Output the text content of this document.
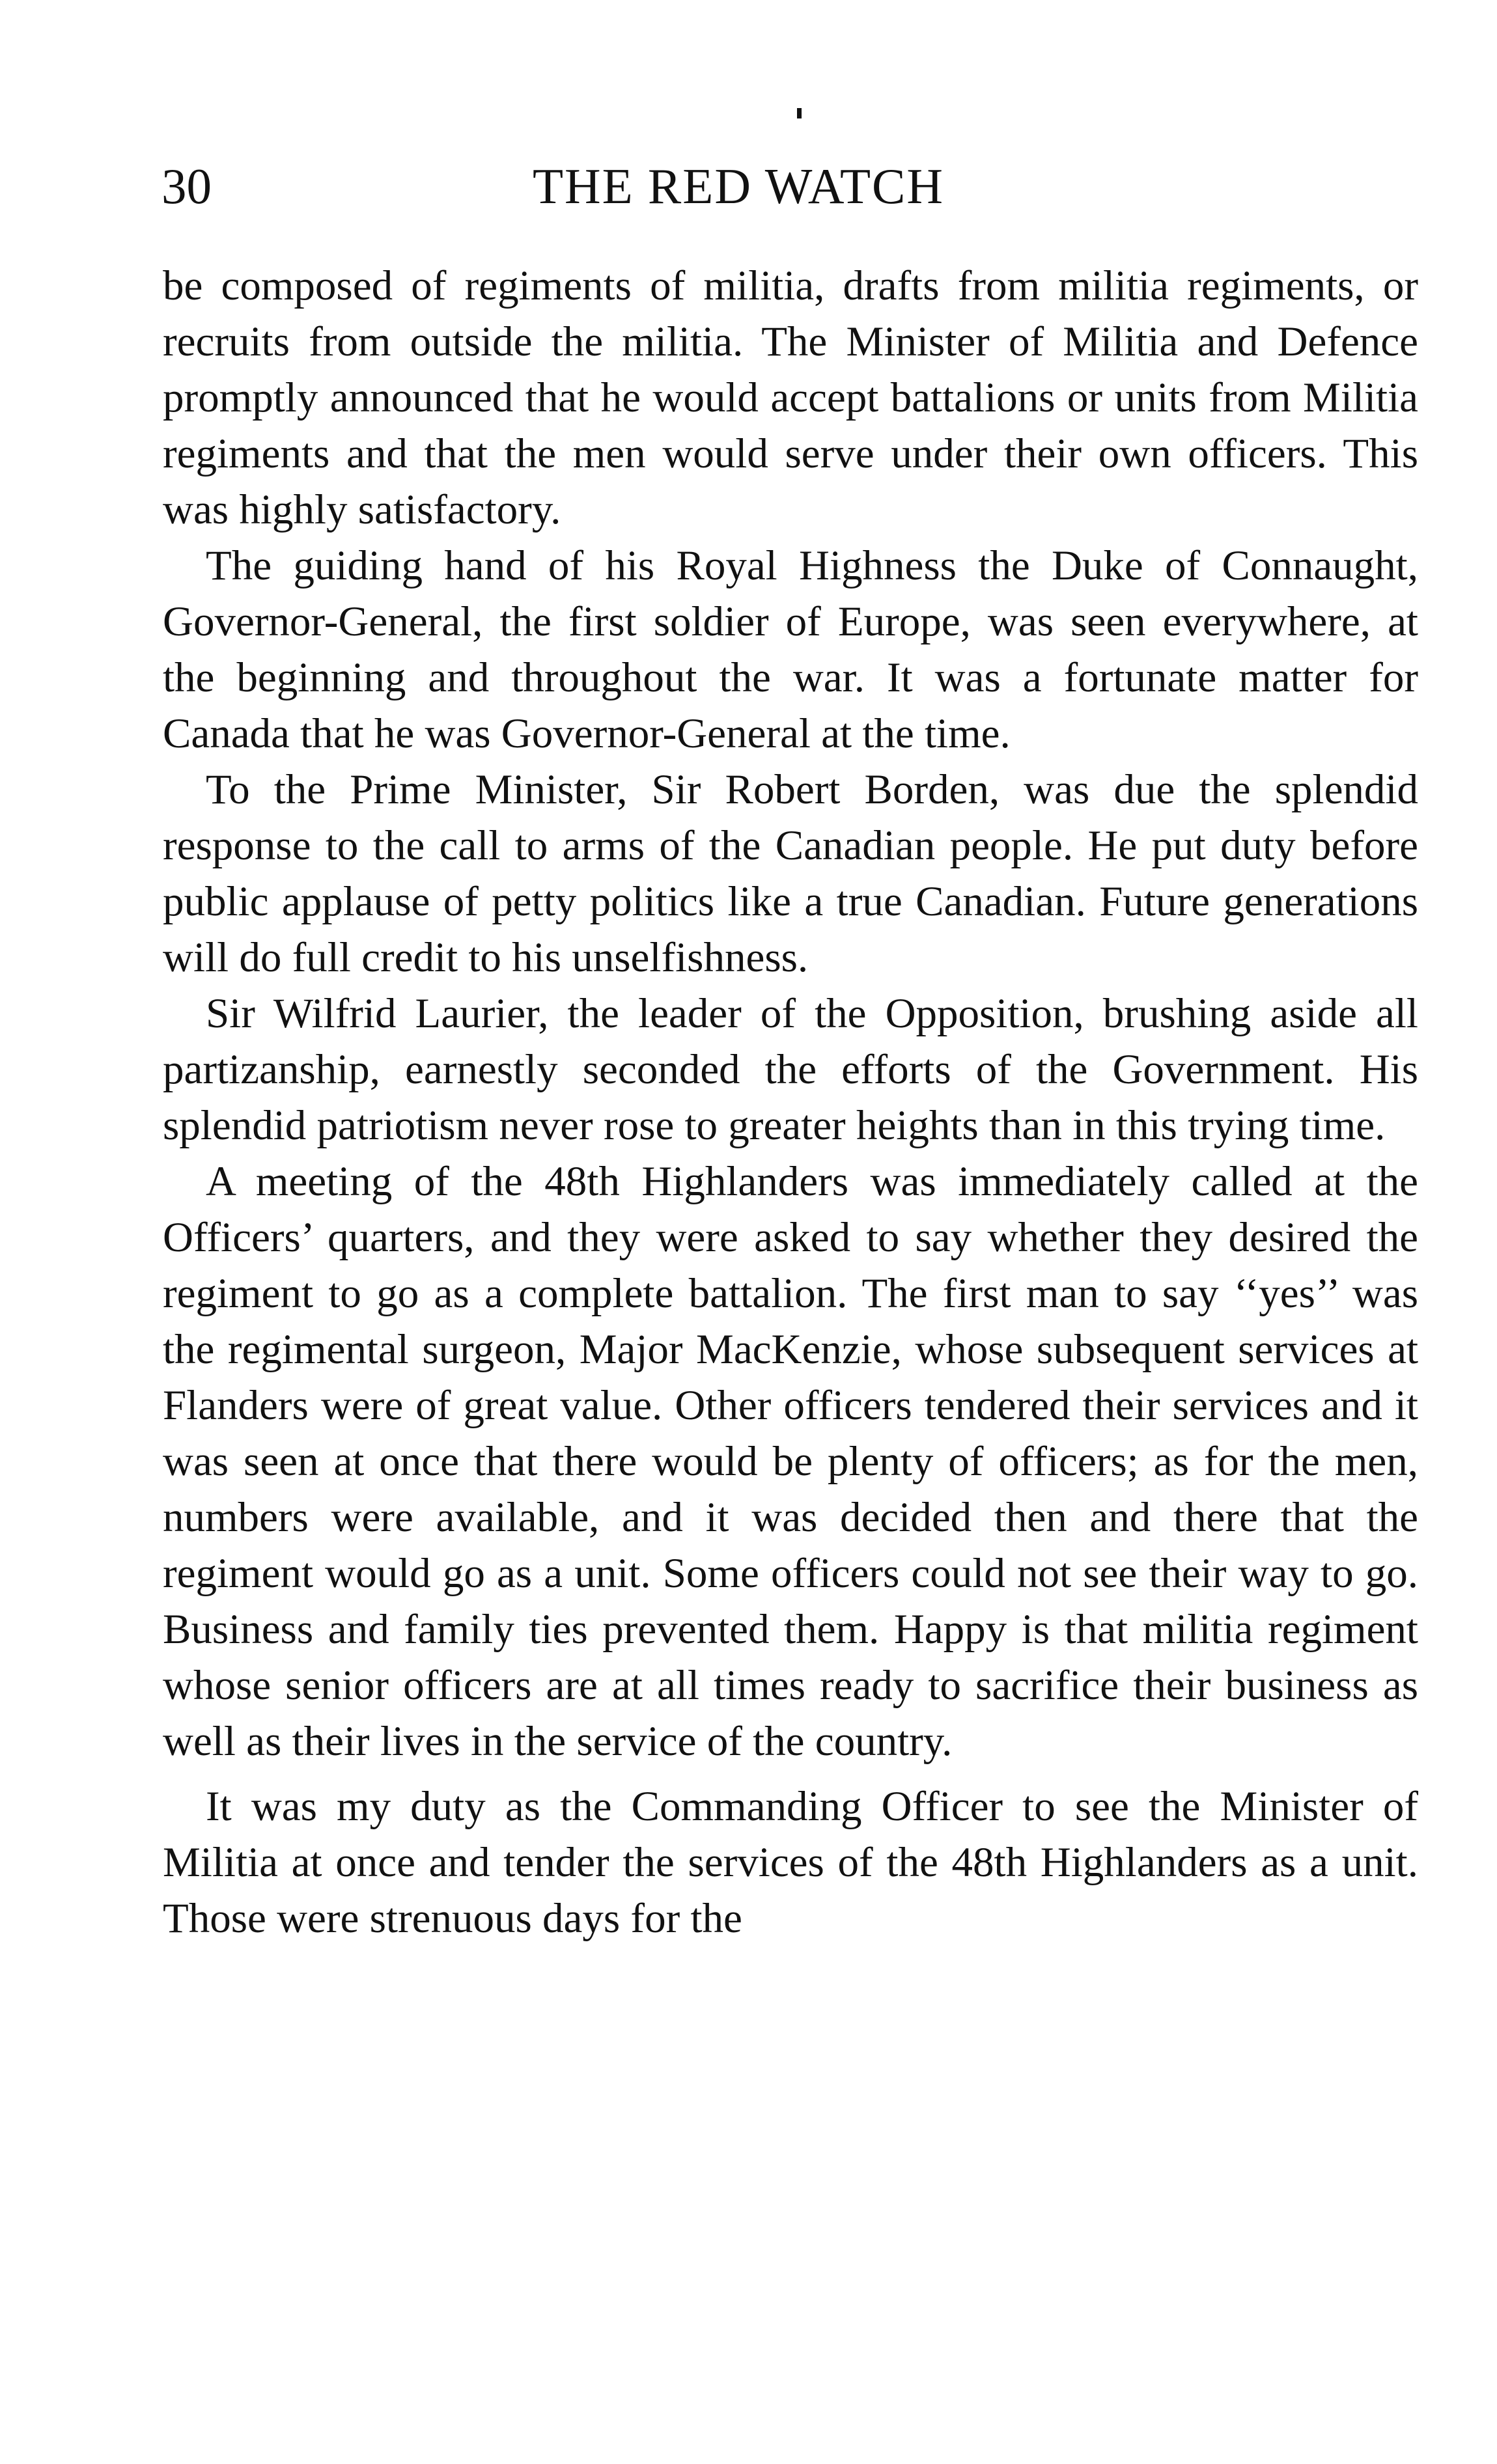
30	THE RED WATCH

be composed of regiments of militia, drafts from militia regiments, or recruits from outside the militia. The Minister of Militia and Defence promptly announced that he would accept battalions or units from Militia regiments and that the men would serve under their own officers. This was highly satisfactory.

The guiding hand of his Royal Highness the Duke of Connaught, Governor-General, the first soldier of Europe, was seen everywhere, at the beginning and throughout the war. It was a fortunate matter for Canada that he was Governor-General at the time.

To the Prime Minister, Sir Robert Borden, was due the splendid response to the call to arms of the Canadian people. He put duty before public applause of petty politics like a true Canadian. Future generations will do full credit to his unselfishness.

Sir Wilfrid Laurier, the leader of the Opposition, brushing aside all partizanship, earnestly seconded the efforts of the Government. His splendid patriotism never rose to greater heights than in this trying time.

A meeting of the 48th Highlanders was immediately called at the Officers’ quarters, and they were asked to say whether they desired the regiment to go as a complete battalion. The first man to say ‘‘yes’’ was the regimental surgeon, Major MacKenzie, whose subsequent services at Flanders were of great value. Other officers tendered their services and it was seen at once that there would be plenty of officers; as for the men, numbers were available, and it was decided then and there that the regiment would go as a unit. Some officers could not see their way to go. Business and family ties prevented them. Happy is that militia regiment whose senior officers are at all times ready to sacrifice their business as well as their lives in the service of the country.

It was my duty as the Commanding Officer to see the Minister of Militia at once and tender the services of the 48th Highlanders as a unit. Those were strenuous days for the
